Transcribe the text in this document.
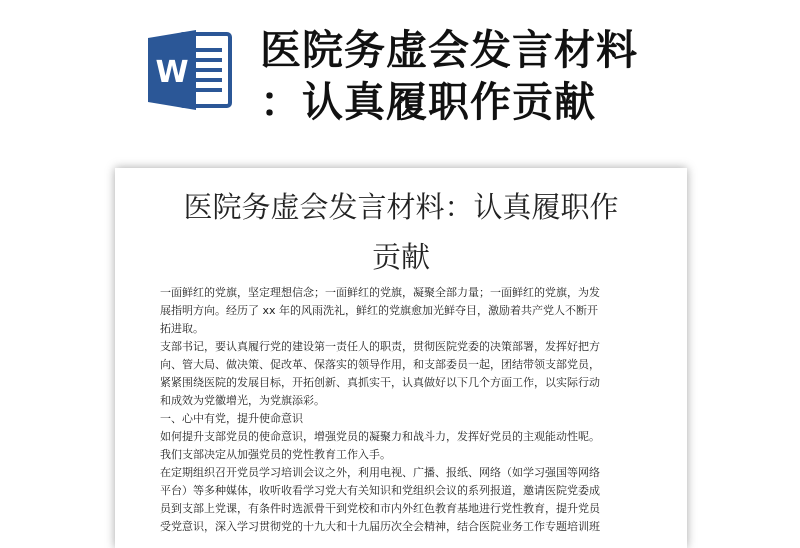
W 医院务虚会发言材料
：认真履职作贡献
医院务虚会发言材料：认真履职作
贡献

一面鲜红的党旗，坚定理想信念；一面鲜红的党旗，凝聚全部力量；一面鲜红的党旗，为发

展指明方向。经历了 xx 年的风雨洗礼，鲜红的党旗愈加光鲜夺目，激励着共产党人不断开

拓进取。

支部书记，要认真履行党的建设第一责任人的职责，贯彻医院党委的决策部署，发挥好把方

向、管大局、做决策、促改革、保落实的领导作用，和支部委员一起，团结带领支部党员，

紧紧围绕医院的发展目标，开拓创新、真抓实干，认真做好以下几个方面工作，以实际行动

和成效为党徽增光，为党旗添彩。

一、心中有党，提升使命意识

如何提升支部党员的使命意识，增强党员的凝聚力和战斗力，发挥好党员的主观能动性呢。

我们支部决定从加强党员的党性教育工作入手。

在定期组织召开党员学习培训会议之外，利用电视、广播、报纸、网络（如学习强国等网络

平台）等多种媒体，收听收看学习党大有关知识和党组织会议的系列报道，邀请医院党委成

员到支部上党课，有条件时选派骨干到党校和市内外红色教育基地进行党性教育，提升党员

受党意识，深入学习贯彻党的十九大和十九届历次全会精神，结合医院业务工作专题培训班
